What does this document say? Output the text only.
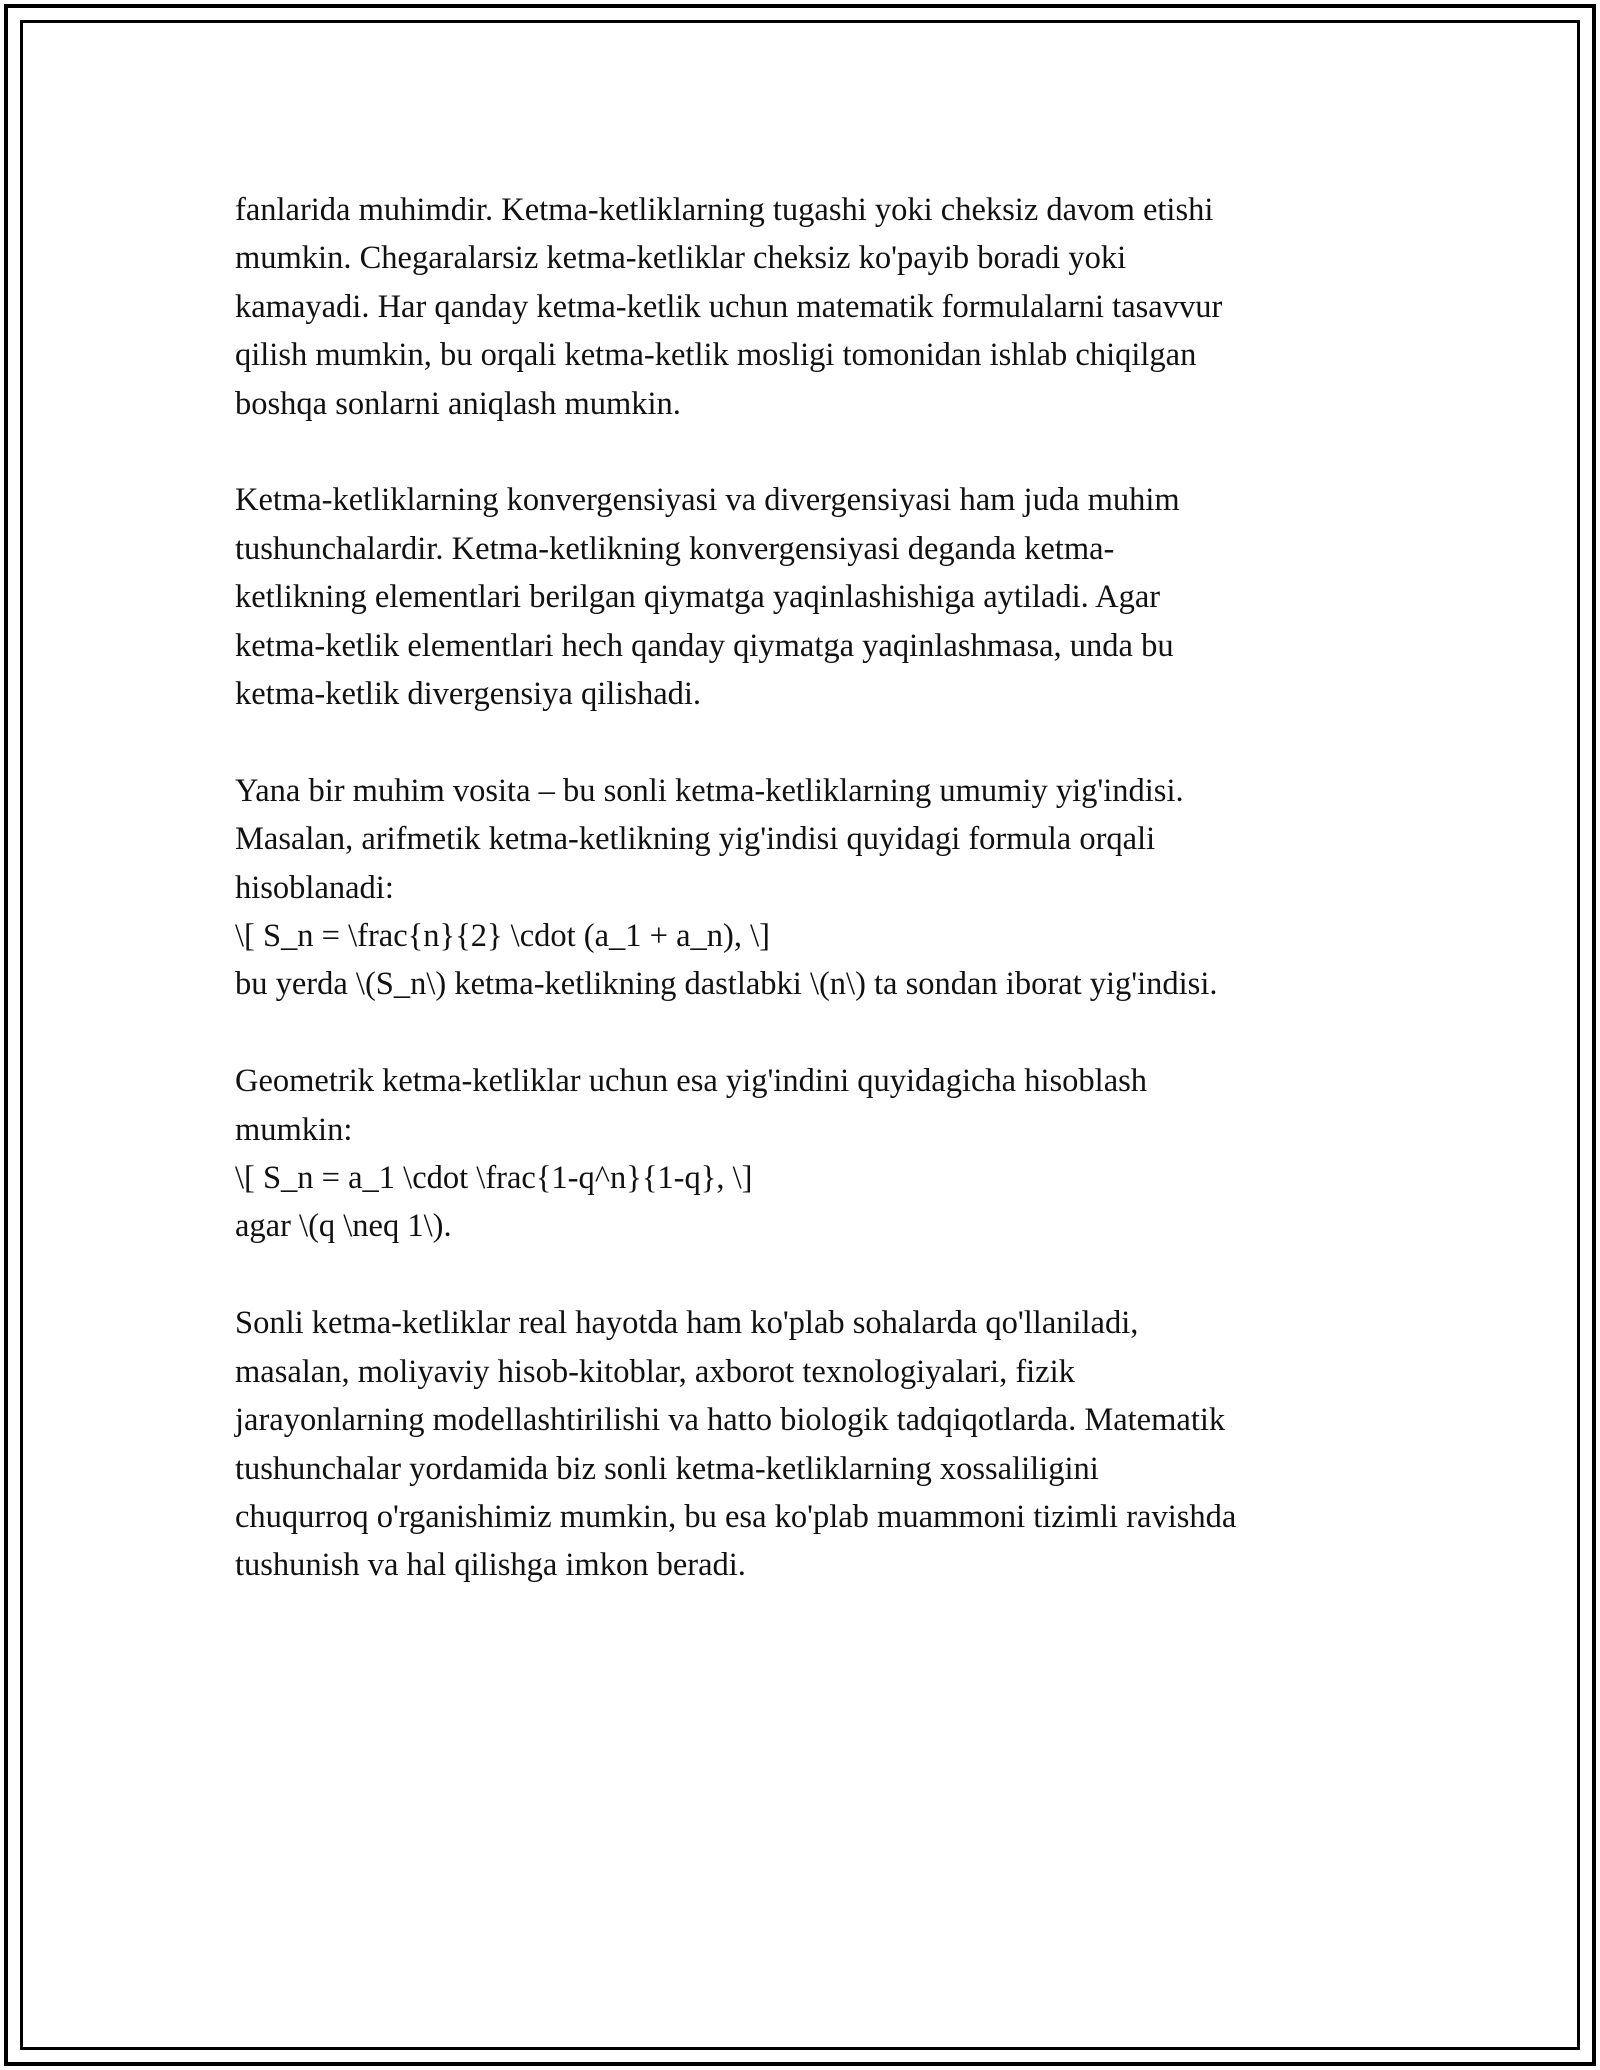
fanlarida muhimdir. Ketma-ketliklarning tugashi yoki cheksiz davom etishi
mumkin. Chegaralarsiz ketma-ketliklar cheksiz ko'payib boradi yoki
kamayadi. Har qanday ketma-ketlik uchun matematik formulalarni tasavvur
qilish mumkin, bu orqali ketma-ketlik mosligi tomonidan ishlab chiqilgan
boshqa sonlarni aniqlash mumkin.

Ketma-ketliklarning konvergensiyasi va divergensiyasi ham juda muhim
tushunchalardir. Ketma-ketlikning konvergensiyasi deganda ketma-
ketlikning elementlari berilgan qiymatga yaqinlashishiga aytiladi. Agar
ketma-ketlik elementlari hech qanday qiymatga yaqinlashmasa, unda bu
ketma-ketlik divergensiya qilishadi.

Yana bir muhim vosita – bu sonli ketma-ketliklarning umumiy yig'indisi.
Masalan, arifmetik ketma-ketlikning yig'indisi quyidagi formula orqali
hisoblanadi:
\[ S_n = \frac{n}{2} \cdot (a_1 + a_n), \]
bu yerda \(S_n\) ketma-ketlikning dastlabki \(n\) ta sondan iborat yig'indisi.

Geometrik ketma-ketliklar uchun esa yig'indini quyidagicha hisoblash
mumkin:
\[ S_n = a_1 \cdot \frac{1-q^n}{1-q}, \]
agar \(q \neq 1\).

Sonli ketma-ketliklar real hayotda ham ko'plab sohalarda qo'llaniladi,
masalan, moliyaviy hisob-kitoblar, axborot texnologiyalari, fizik
jarayonlarning modellashtirilishi va hatto biologik tadqiqotlarda. Matematik
tushunchalar yordamida biz sonli ketma-ketliklarning xossaliligini
chuqurroq o'rganishimiz mumkin, bu esa ko'plab muammoni tizimli ravishda
tushunish va hal qilishga imkon beradi.
